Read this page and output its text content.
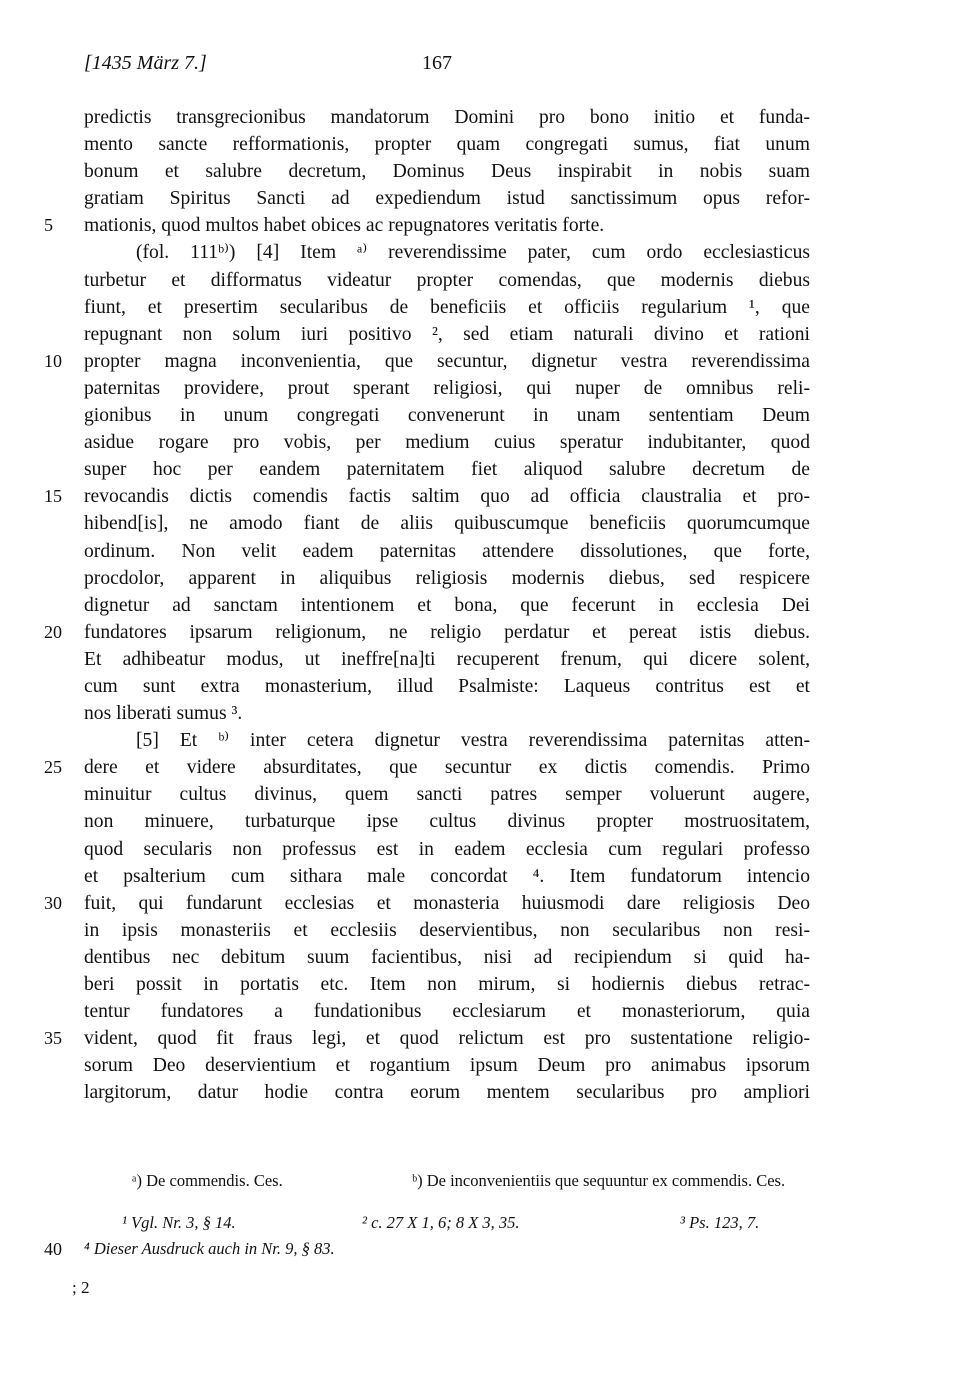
[1435 März 7.]	167
predictis transgrecionibus mandatorum Domini pro bono initio et funda-
mento sancte refformationis, propter quam congregati sumus, fiat unum
bonum et salubre decretum, Dominus Deus inspirabit in nobis suam
gratiam Spiritus Sancti ad expediendum istud sanctissimum opus refor-
5	mationis, quod multos habet obices ac repugnatores veritatis forte.
(fol. 111ᵇ⁾) [4] Item ᵃ⁾ reverendissime pater, cum ordo ecclesiasticus
turbetur et difformatus videatur propter comendas, que modernis diebus
fiunt, et presertim secularibus de beneficiis et officiis regularium ¹, que
repugnant non solum iuri positivo ², sed etiam naturali divino et rationi
10	propter magna inconvenientia, que secuntur, dignetur vestra reverendissima
paternitas providere, prout sperant religiosi, qui nuper de omnibus reli-
gionibus in unum congregati convenerunt in unam sententiam Deum
asidue rogare pro vobis, per medium cuius speratur indubitanter, quod
super hoc per eandem paternitatem fiet aliquod salubre decretum de
15	revocandis dictis comendis factis saltim quo ad officia claustralia et pro-
hibend[is], ne amodo fiant de aliis quibuscumque beneficiis quorumcumque
ordinum. Non velit eadem paternitas attendere dissolutiones, que forte,
procdolor, apparent in aliquibus religiosis modernis diebus, sed respicere
dignetur ad sanctam intentionem et bona, que fecerunt in ecclesia Dei
20	fundatores ipsarum religionum, ne religio perdatur et pereat istis diebus.
Et adhibeatur modus, ut ineffre[na]ti recuperent frenum, qui dicere solent,
cum sunt extra monasterium, illud Psalmiste: Laqueus contritus est et
nos liberati sumus ³.
[5] Et ᵇ⁾ inter cetera dignetur vestra reverendissima paternitas atten-
25	dere et videre absurditates, que secuntur ex dictis comendis. Primo
minuitur cultus divinus, quem sancti patres semper voluerunt augere,
non minuere, turbaturque ipse cultus divinus propter mostruositatem,
quod secularis non professus est in eadem ecclesia cum regulari professo
et psalterium cum sithara male concordat ⁴. Item fundatorum intencio
30	fuit, qui fundarunt ecclesias et monasteria huiusmodi dare religiosis Deo
in ipsis monasteriis et ecclesiis deservientibus, non secularibus non resi-
dentibus nec debitum suum facientibus, nisi ad recipiendum si quid ha-
beri possit in portatis etc. Item non mirum, si hodiernis diebus retrac-
tentur fundatores a fundationibus ecclesiarum et monasteriorum, quia
35	vident, quod fit fraus legi, et quod relictum est pro sustentatione religio-
sorum Deo deservientium et rogantium ipsum Deum pro animabus ipsorum
largitorum, datur hodie contra eorum mentem secularibus pro ampliori
ᵃ) De commendis. Ces.	ᵇ) De inconvenientiis que sequuntur ex commendis. Ces.
¹ Vgl. Nr. 3, § 14.	² c. 27 X 1, 6; 8 X 3, 35.	³ Ps. 123, 7.
40 ⁴ Dieser Ausdruck auch in Nr. 9, § 83.
; 2
